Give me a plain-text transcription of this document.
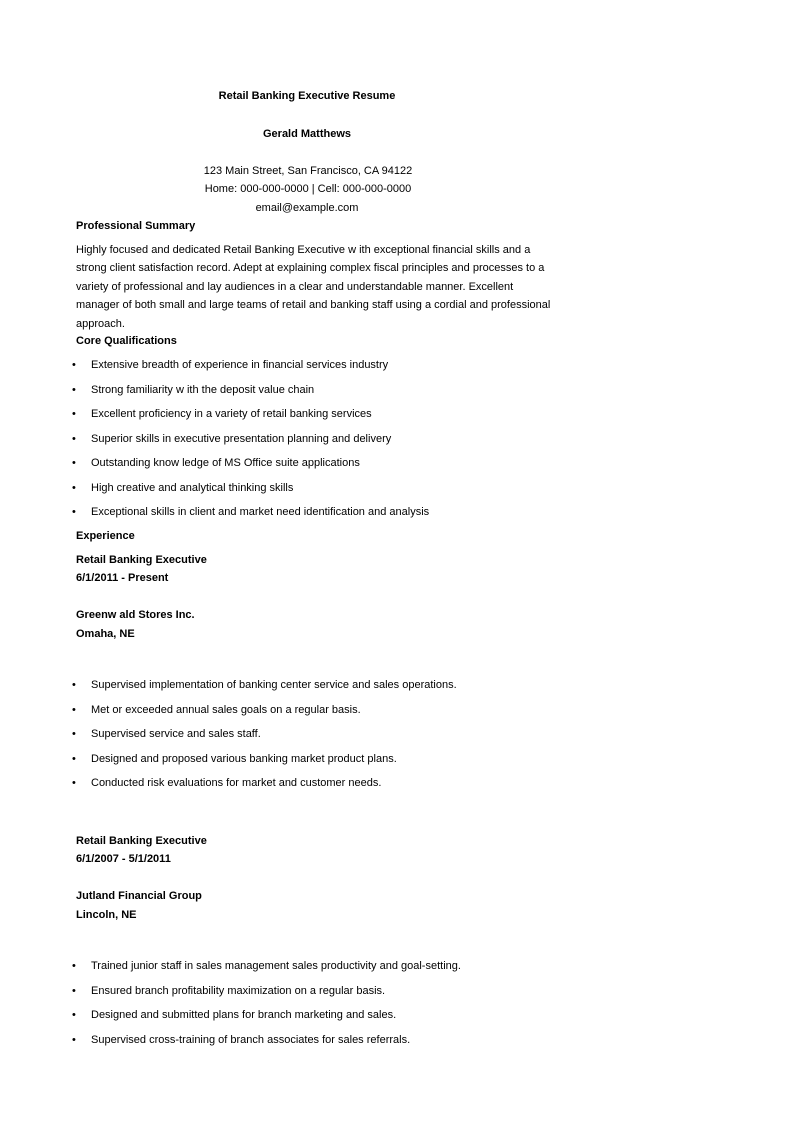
Retail Banking Executive Resume
Gerald Matthews
123 Main Street, San Francisco, CA 94122
Home: 000-000-0000 | Cell: 000-000-0000
email@example.com
Professional Summary
Highly focused and dedicated Retail Banking Executive w ith exceptional financial skills and a
strong client satisfaction record. Adept at explaining complex fiscal principles and processes to a
variety of professional and lay audiences in a clear and understandable manner. Excellent
manager of both small and large teams of retail and banking staff using a cordial and professional
approach.
Core Qualifications
• Extensive breadth of experience in financial services industry
• Strong familiarity w ith the deposit value chain
• Excellent proficiency in a variety of retail banking services
• Superior skills in executive presentation planning and delivery
• Outstanding know ledge of MS Office suite applications
• High creative and analytical thinking skills
• Exceptional skills in client and market need identification and analysis
Experience
Retail Banking Executive
6/1/2011 - Present
Greenw ald Stores Inc.
Omaha, NE
• Supervised implementation of banking center service and sales operations.
• Met or exceeded annual sales goals on a regular basis.
• Supervised service and sales staff.
• Designed and proposed various banking market product plans.
• Conducted risk evaluations for market and customer needs.
Retail Banking Executive
6/1/2007 - 5/1/2011
Jutland Financial Group
Lincoln, NE
• Trained junior staff in sales management sales productivity and goal-setting.
• Ensured branch profitability maximization on a regular basis.
• Designed and submitted plans for branch marketing and sales.
• Supervised cross-training of branch associates for sales referrals.
